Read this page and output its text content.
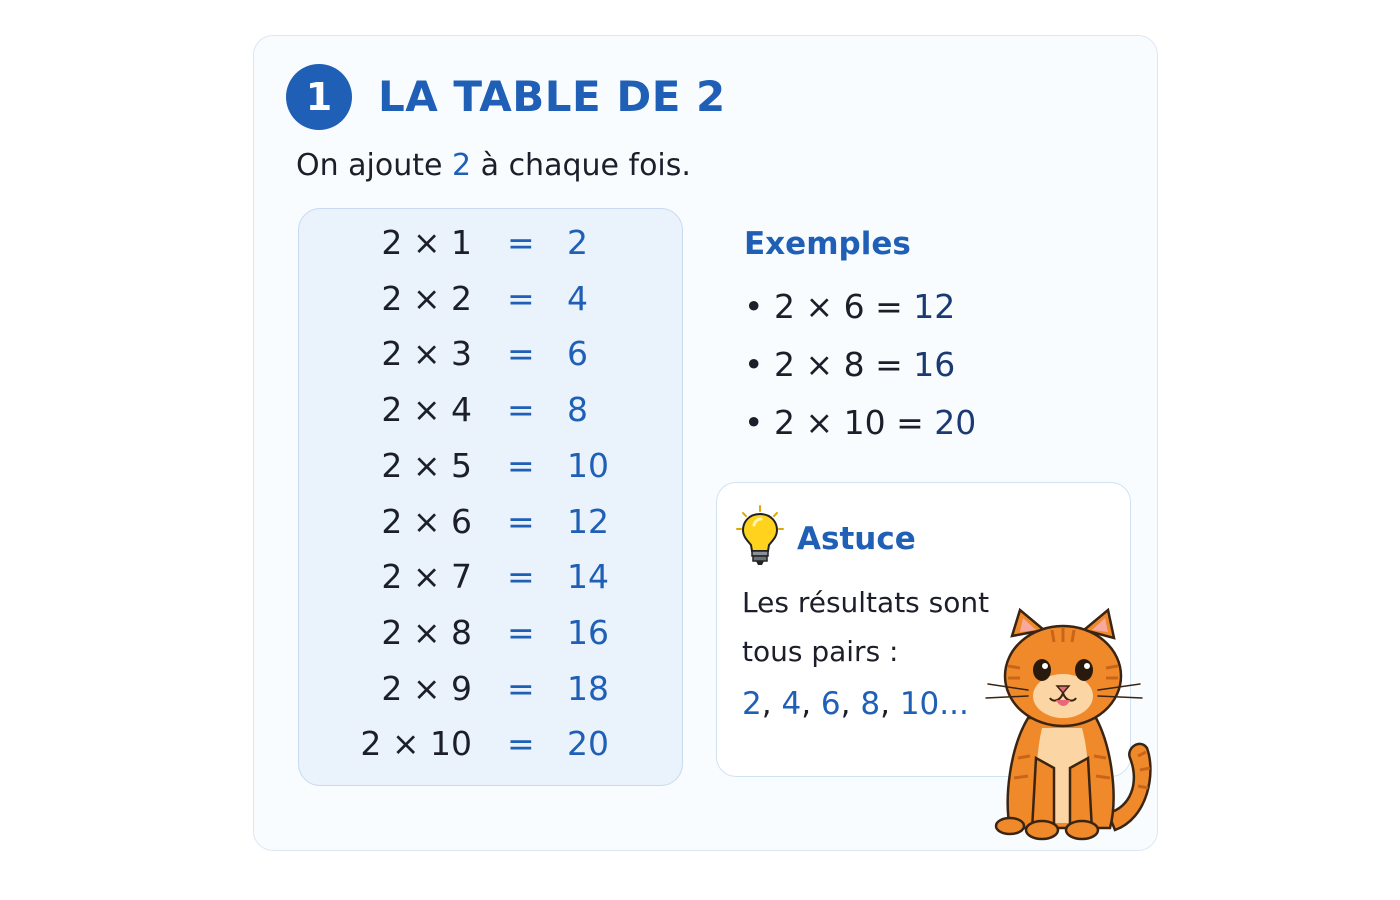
1	LA TABLE DE 2
On ajoute 2 à chaque fois.
2 × 1 = 2
2 × 2 = 4
2 × 3 = 6
2 × 4 = 8
2 × 5 = 10
2 × 6 = 12
2 × 7 = 14
2 × 8 = 16
2 × 9 = 18
2 × 10 = 20
Exemples
• 2 × 6 = 12
• 2 × 8 = 16
• 2 × 10 = 20
Astuce
Les résultats sont
tous pairs :
2, 4, 6, 8, 10...
